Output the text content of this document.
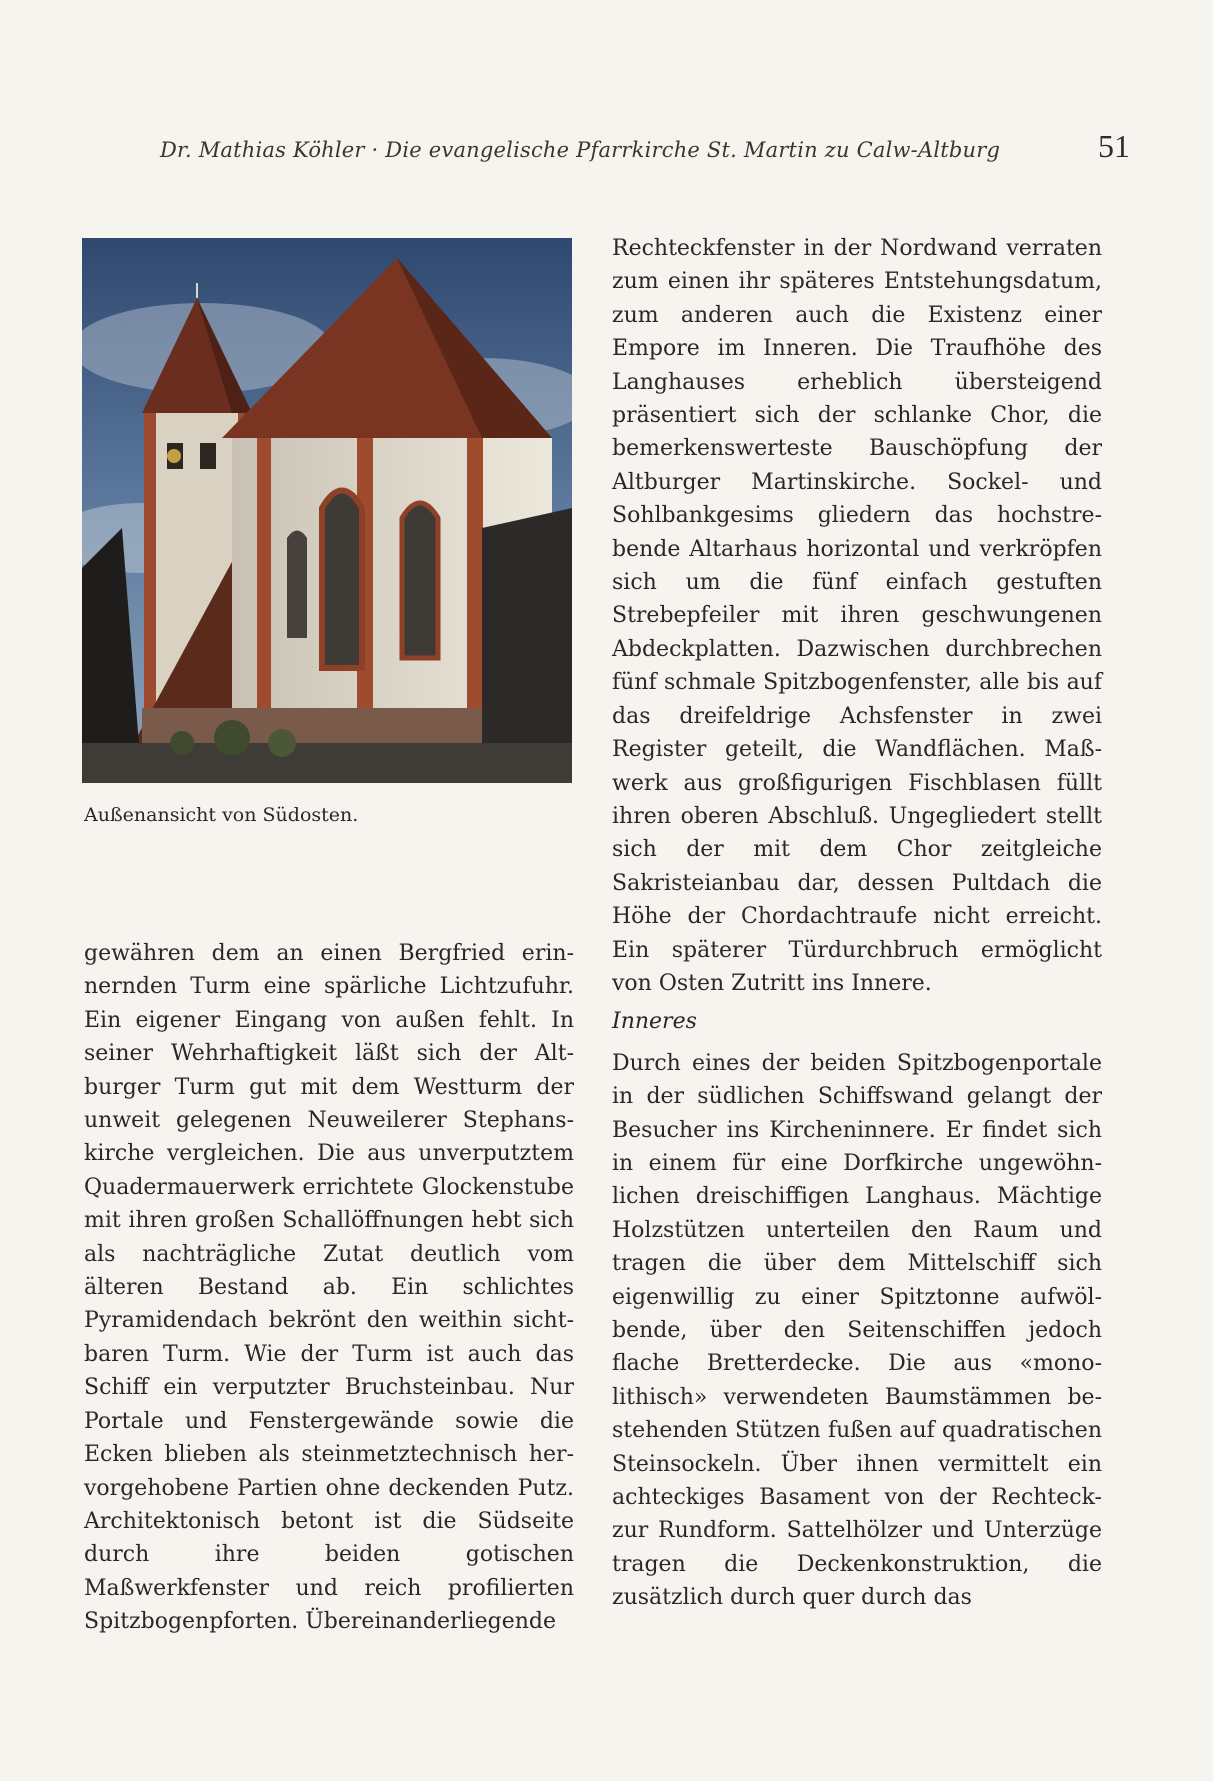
Dr. Mathias Köhler · Die evangelische Pfarrkirche St. Martin zu Calw-Altburg	51
Außenansicht von Südosten.

gewähren dem an einen Bergfried erinnernden Turm eine spärliche Lichtzufuhr. Ein eigener Eingang von außen fehlt. In seiner Wehrhaftigkeit läßt sich der Altburger Turm gut mit dem Westturm der unweit gelegenen Neuweilerer Stephanskirche vergleichen. Die aus unverputztem Quadermauerwerk errichtete Glockenstube mit ihren großen Schallöffnungen hebt sich als nachträgliche Zutat deutlich vom älteren Bestand ab. Ein schlichtes Pyramidendach bekrönt den weithin sichtbaren Turm. Wie der Turm ist auch das Schiff ein verputzter Bruchsteinbau. Nur Portale und Fenstergewände sowie die Ecken blieben als steinmetztechnisch hervorgehobene Partien ohne deckenden Putz. Architektonisch betont ist die Südseite durch ihre beiden gotischen Maßwerkfenster und reich profilierten Spitzbogenpforten. Übereinanderliegende

Rechteckfenster in der Nordwand verraten zum einen ihr späteres Entstehungsdatum, zum anderen auch die Existenz einer Empore im Inneren. Die Traufhöhe des Langhauses erheblich übersteigend präsentiert sich der schlanke Chor, die bemerkenswerteste Bauschöpfung der Altburger Martinskirche. Sockel- und Sohlbankgesims gliedern das hochstrebende Altarhaus horizontal und verkröpfen sich um die fünf einfach gestuften Strebepfeiler mit ihren geschwungenen Abdeckplatten. Dazwischen durchbrechen fünf schmale Spitzbogenfenster, alle bis auf das dreifeldrige Achsfenster in zwei Register geteilt, die Wandflächen. Maßwerk aus großfigurigen Fischblasen füllt ihren oberen Abschluß. Ungegliedert stellt sich der mit dem Chor zeitgleiche Sakristeianbau dar, dessen Pultdach die Höhe der Chordachtraufe nicht erreicht. Ein späterer Türdurchbruch ermöglicht von Osten Zutritt ins Innere.

Inneres

Durch eines der beiden Spitzbogenportale in der südlichen Schiffswand gelangt der Besucher ins Kircheninnere. Er findet sich in einem für eine Dorfkirche ungewöhnlichen dreischiffigen Langhaus. Mächtige Holzstützen unterteilen den Raum und tragen die über dem Mittelschiff sich eigenwillig zu einer Spitztonne aufwölbende, über den Seitenschiffen jedoch flache Bretterdecke. Die aus «monolithisch» verwendeten Baumstämmen bestehenden Stützen fußen auf quadratischen Steinsockeln. Über ihnen vermittelt ein achteckiges Basament von der Rechteck- zur Rundform. Sattelhölzer und Unterzüge tragen die Deckenkonstruktion, die zusätzlich durch quer durch das
